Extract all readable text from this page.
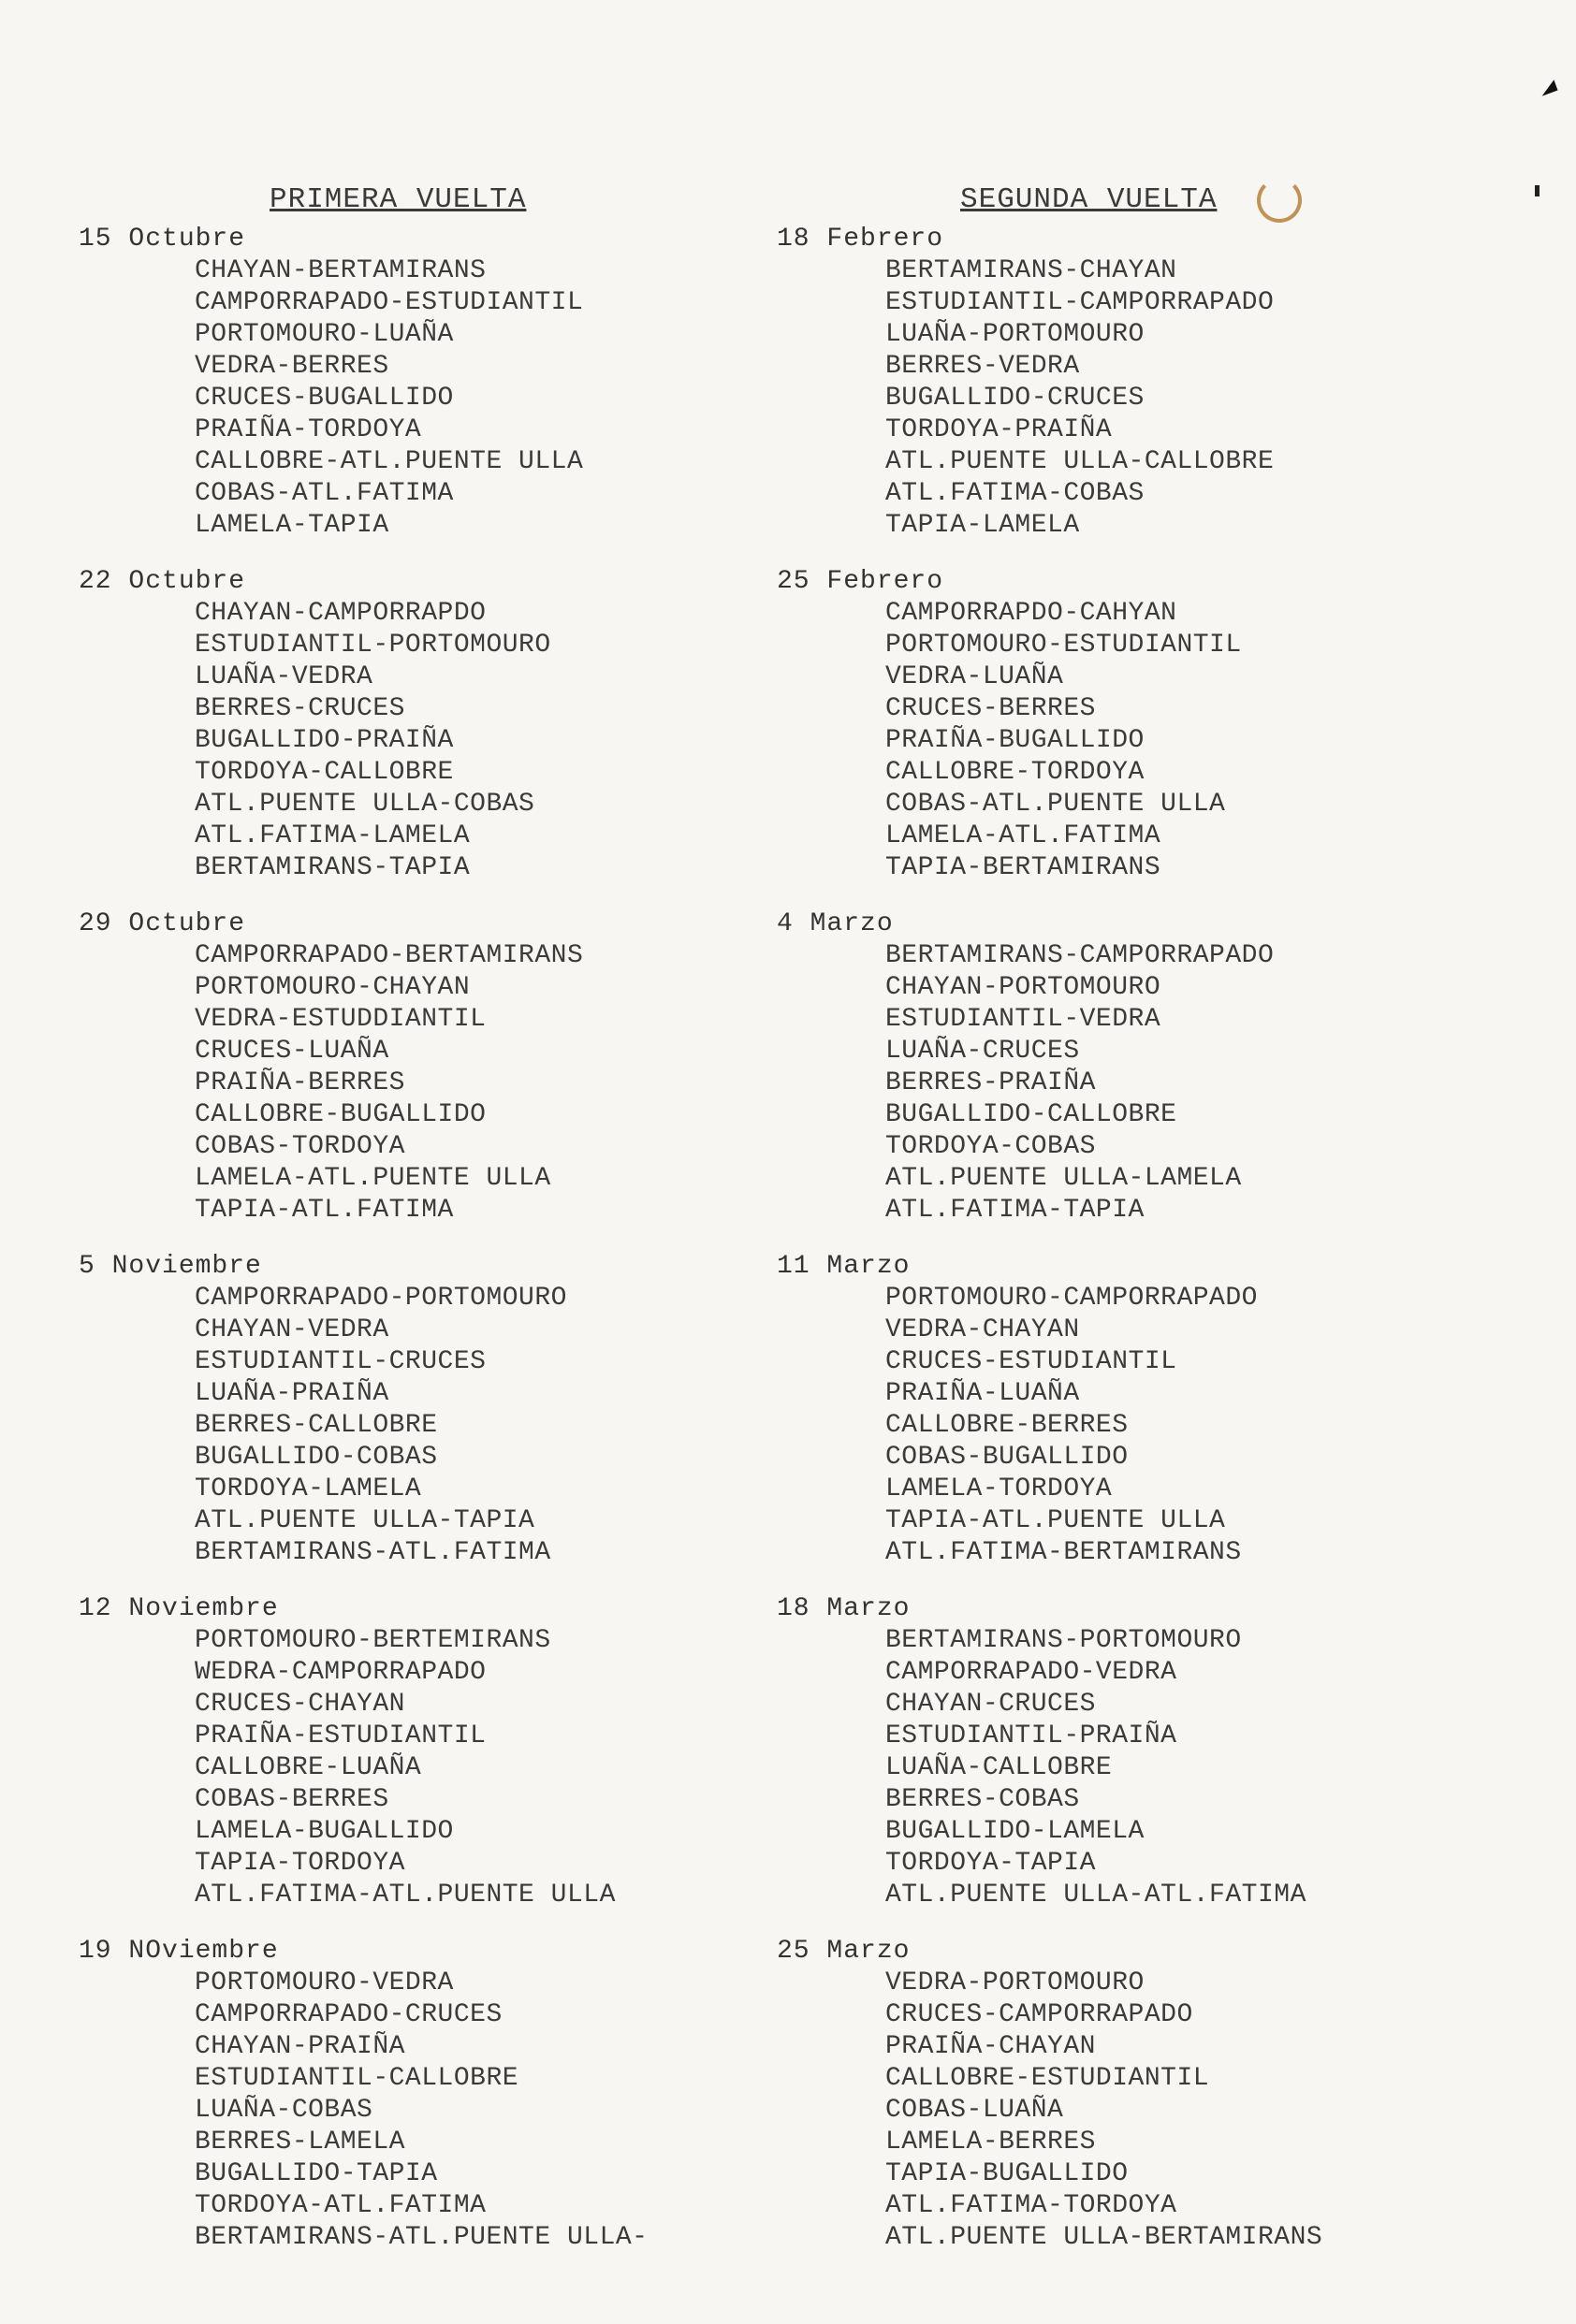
PRIMERA VUELTA
15 Octubre
CHAYAN-BERTAMIRANS
CAMPORRAPADO-ESTUDIANTIL
PORTOMOURO-LUAÑA
VEDRA-BERRES
CRUCES-BUGALLIDO
PRAIÑA-TORDOYA
CALLOBRE-ATL.PUENTE ULLA
COBAS-ATL.FATIMA
LAMELA-TAPIA
22 Octubre
CHAYAN-CAMPORRAPDO
ESTUDIANTIL-PORTOMOURO
LUAÑA-VEDRA
BERRES-CRUCES
BUGALLIDO-PRAIÑA
TORDOYA-CALLOBRE
ATL.PUENTE ULLA-COBAS
ATL.FATIMA-LAMELA
BERTAMIRANS-TAPIA
29 Octubre
CAMPORRAPADO-BERTAMIRANS
PORTOMOURO-CHAYAN
VEDRA-ESTUDDIANTIL
CRUCES-LUAÑA
PRAIÑA-BERRES
CALLOBRE-BUGALLIDO
COBAS-TORDOYA
LAMELA-ATL.PUENTE ULLA
TAPIA-ATL.FATIMA
5 Noviembre
CAMPORRAPADO-PORTOMOURO
CHAYAN-VEDRA
ESTUDIANTIL-CRUCES
LUAÑA-PRAIÑA
BERRES-CALLOBRE
BUGALLIDO-COBAS
TORDOYA-LAMELA
ATL.PUENTE ULLA-TAPIA
BERTAMIRANS-ATL.FATIMA
12 Noviembre
PORTOMOURO-BERTEMIRANS
WEDRA-CAMPORRAPADO
CRUCES-CHAYAN
PRAIÑA-ESTUDIANTIL
CALLOBRE-LUAÑA
COBAS-BERRES
LAMELA-BUGALLIDO
TAPIA-TORDOYA
ATL.FATIMA-ATL.PUENTE ULLA
19 NOviembre
PORTOMOURO-VEDRA
CAMPORRAPADO-CRUCES
CHAYAN-PRAIÑA
ESTUDIANTIL-CALLOBRE
LUAÑA-COBAS
BERRES-LAMELA
BUGALLIDO-TAPIA
TORDOYA-ATL.FATIMA
BERTAMIRANS-ATL.PUENTE ULLA-
SEGUNDA VUELTA
18 Febrero
BERTAMIRANS-CHAYAN
ESTUDIANTIL-CAMPORRAPADO
LUAÑA-PORTOMOURO
BERRES-VEDRA
BUGALLIDO-CRUCES
TORDOYA-PRAIÑA
ATL.PUENTE ULLA-CALLOBRE
ATL.FATIMA-COBAS
TAPIA-LAMELA
25 Febrero
CAMPORRAPDO-CAHYAN
PORTOMOURO-ESTUDIANTIL
VEDRA-LUAÑA
CRUCES-BERRES
PRAIÑA-BUGALLIDO
CALLOBRE-TORDOYA
COBAS-ATL.PUENTE ULLA
LAMELA-ATL.FATIMA
TAPIA-BERTAMIRANS
4 Marzo
BERTAMIRANS-CAMPORRAPADO
CHAYAN-PORTOMOURO
ESTUDIANTIL-VEDRA
LUAÑA-CRUCES
BERRES-PRAIÑA
BUGALLIDO-CALLOBRE
TORDOYA-COBAS
ATL.PUENTE ULLA-LAMELA
ATL.FATIMA-TAPIA
11 Marzo
PORTOMOURO-CAMPORRAPADO
VEDRA-CHAYAN
CRUCES-ESTUDIANTIL
PRAIÑA-LUAÑA
CALLOBRE-BERRES
COBAS-BUGALLIDO
LAMELA-TORDOYA
TAPIA-ATL.PUENTE ULLA
ATL.FATIMA-BERTAMIRANS
18 Marzo
BERTAMIRANS-PORTOMOURO
CAMPORRAPADO-VEDRA
CHAYAN-CRUCES
ESTUDIANTIL-PRAIÑA
LUAÑA-CALLOBRE
BERRES-COBAS
BUGALLIDO-LAMELA
TORDOYA-TAPIA
ATL.PUENTE ULLA-ATL.FATIMA
25 Marzo
VEDRA-PORTOMOURO
CRUCES-CAMPORRAPADO
PRAIÑA-CHAYAN
CALLOBRE-ESTUDIANTIL
COBAS-LUAÑA
LAMELA-BERRES
TAPIA-BUGALLIDO
ATL.FATIMA-TORDOYA
ATL.PUENTE ULLA-BERTAMIRANS
